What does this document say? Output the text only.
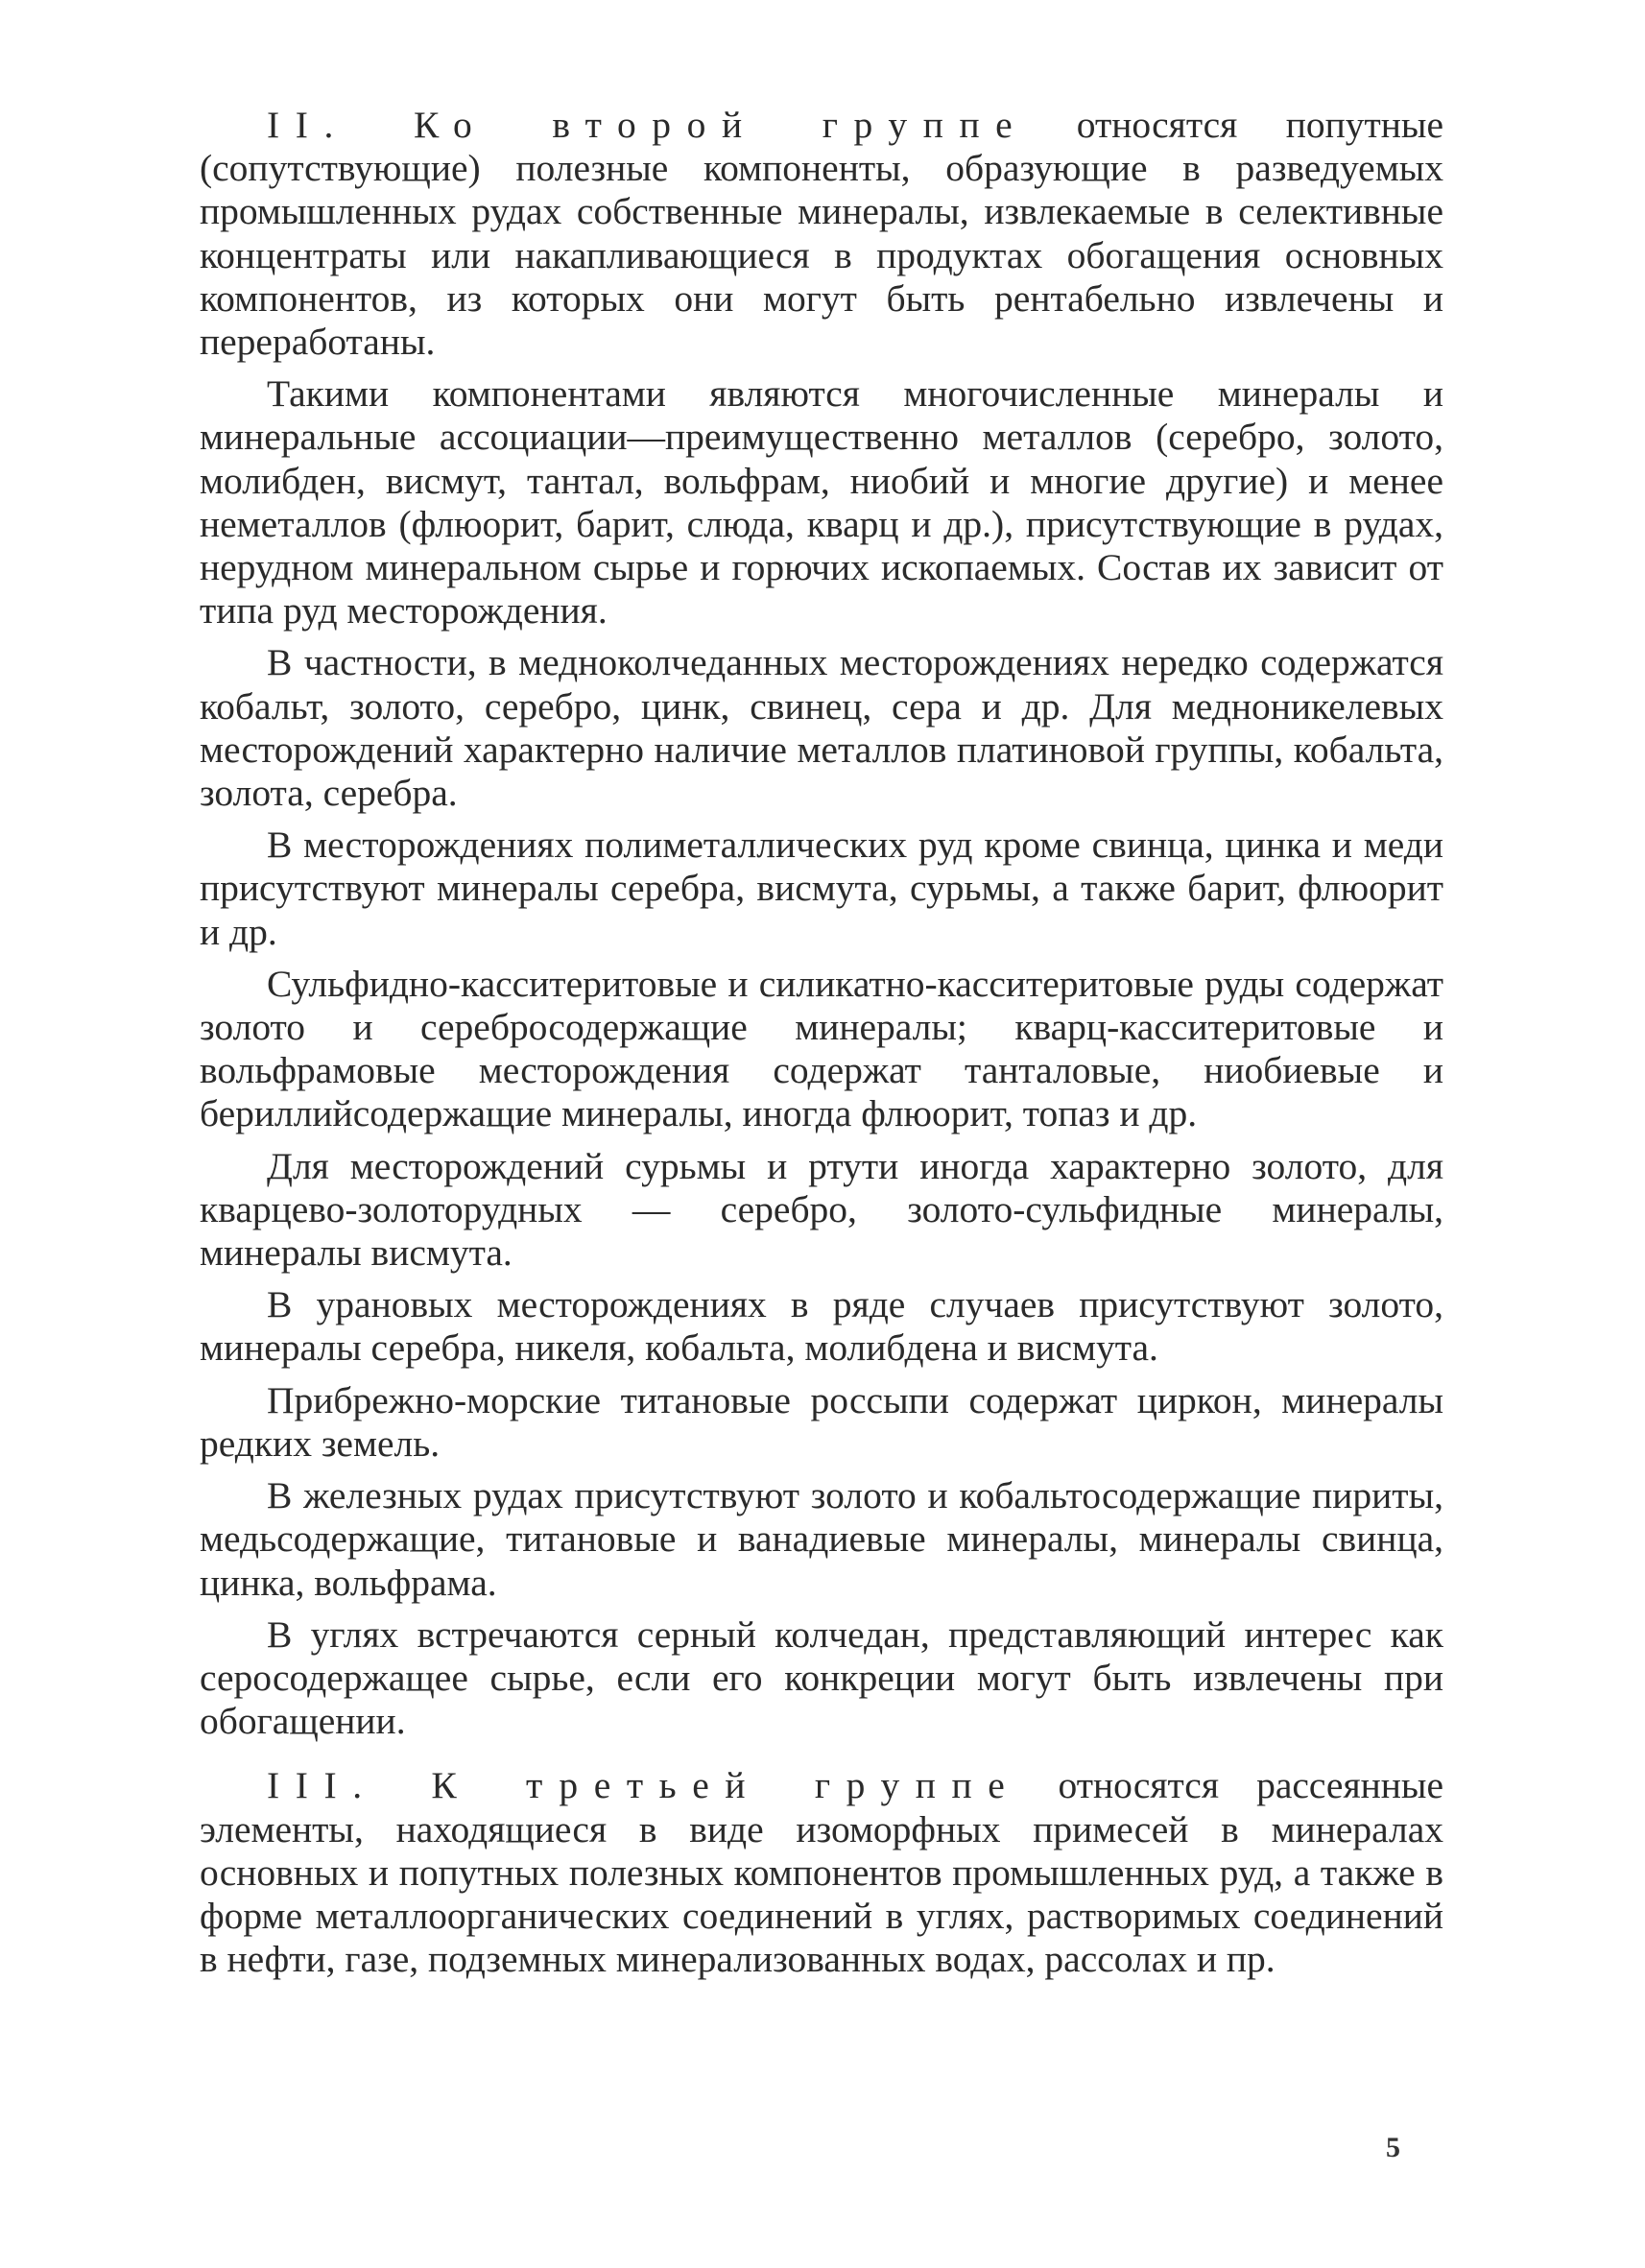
II. Ко второй группе относятся попутные (сопутствующие) полезные компоненты, образующие в разведуемых промышленных рудах собственные минералы, извлекаемые в селективные концентраты или накапливающиеся в продуктах обогащения основных компонентов, из которых они могут быть рентабельно извлечены и переработаны.

Такими компонентами являются многочисленные минералы и минеральные ассоциации—преимущественно металлов (серебро, золото, молибден, висмут, тантал, вольфрам, ниобий и многие другие) и менее неметаллов (флюорит, барит, слюда, кварц и др.), присутствующие в рудах, нерудном минеральном сырье и горючих ископаемых. Состав их зависит от типа руд месторождения.

В частности, в медноколчеданных месторождениях нередко содержатся кобальт, золото, серебро, цинк, свинец, сера и др. Для медноникелевых месторождений характерно наличие металлов платиновой группы, кобальта, золота, серебра.

В месторождениях полиметаллических руд кроме свинца, цинка и меди присутствуют минералы серебра, висмута, сурьмы, а также барит, флюорит и др.

Сульфидно-касситеритовые и силикатно-касситеритовые руды содержат золото и серебросодержащие минералы; кварц-касситеритовые и вольфрамовые месторождения содержат танталовые, ниобиевые и бериллийсодержащие минералы, иногда флюорит, топаз и др.

Для месторождений сурьмы и ртути иногда характерно золото, для кварцево-золоторудных — серебро, золото-сульфидные минералы, минералы висмута.

В урановых месторождениях в ряде случаев присутствуют золото, минералы серебра, никеля, кобальта, молибдена и висмута.

Прибрежно-морские титановые россыпи содержат циркон, минералы редких земель.

В железных рудах присутствуют золото и кобальтосодержащие пириты, медьсодержащие, титановые и ванадиевые минералы, минералы свинца, цинка, вольфрама.

В углях встречаются серный колчедан, представляющий интерес как серосодержащее сырье, если его конкреции могут быть извлечены при обогащении.

III. К третьей группе относятся рассеянные элементы, находящиеся в виде изоморфных примесей в минералах основных и попутных полезных компонентов промышленных руд, а также в форме металлоорганических соединений в углях, растворимых соединений в нефти, газе, подземных минерализованных водах, рассолах и пр.

5
